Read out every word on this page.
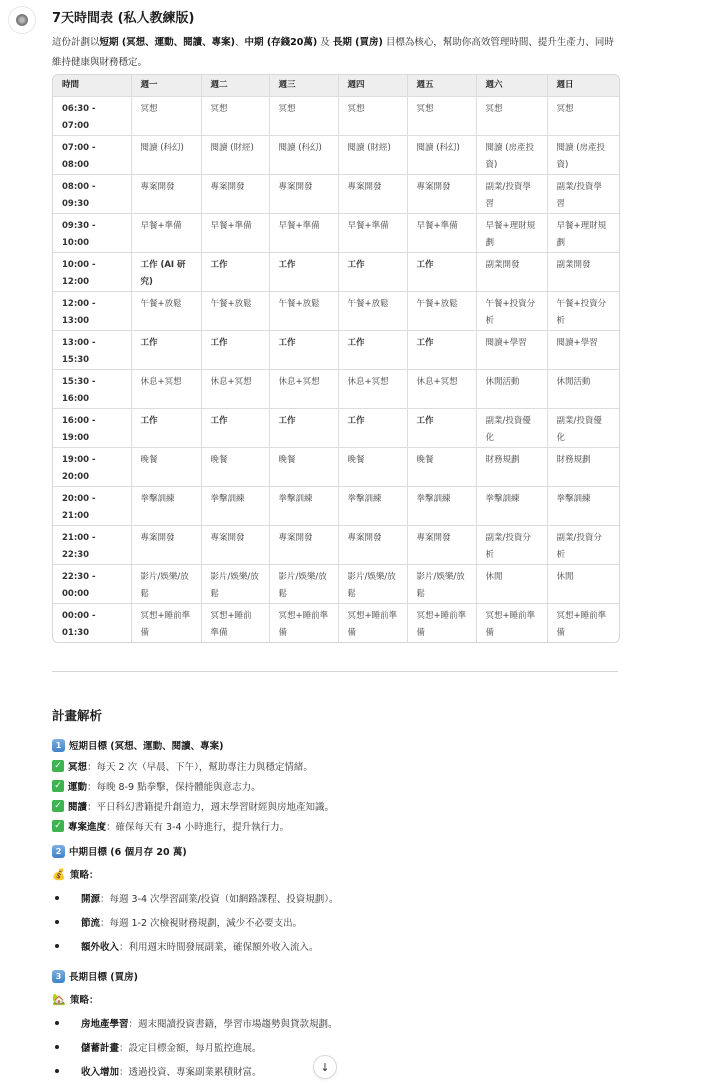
7天時間表 (私人教練版)
這份計劃以短期 (冥想、運動、閱讀、專案)、中期 (存錢20萬) 及 長期 (買房) 目標為核心，幫助你高效管理時間、提升生產力、同時維持健康與財務穩定。
時間	週一	週二	週三	週四	週五	週六	週日
06:30 - 07:00	冥想	冥想	冥想	冥想	冥想	冥想	冥想
07:00 - 08:00	閱讀 (科幻)	閱讀 (財經)	閱讀 (科幻)	閱讀 (財經)	閱讀 (科幻)	閱讀 (房產投資)	閱讀 (房產投資)
08:00 - 09:30	專案開發	專案開發	專案開發	專案開發	專案開發	副業/投資學習	副業/投資學習
09:30 - 10:00	早餐+準備	早餐+準備	早餐+準備	早餐+準備	早餐+準備	早餐+理財規劃	早餐+理財規劃
10:00 - 12:00	工作 (AI 研究)	工作	工作	工作	工作	副業開發	副業開發
12:00 - 13:00	午餐+放鬆	午餐+放鬆	午餐+放鬆	午餐+放鬆	午餐+放鬆	午餐+投資分析	午餐+投資分析
13:00 - 15:30	工作	工作	工作	工作	工作	閱讀+學習	閱讀+學習
15:30 - 16:00	休息+冥想	休息+冥想	休息+冥想	休息+冥想	休息+冥想	休閒活動	休閒活動
16:00 - 19:00	工作	工作	工作	工作	工作	副業/投資優化	副業/投資優化
19:00 - 20:00	晚餐	晚餐	晚餐	晚餐	晚餐	財務規劃	財務規劃
20:00 - 21:00	拳擊訓練	拳擊訓練	拳擊訓練	拳擊訓練	拳擊訓練	拳擊訓練	拳擊訓練
21:00 - 22:30	專案開發	專案開發	專案開發	專案開發	專案開發	副業/投資分析	副業/投資分析
22:30 - 00:00	影片/娛樂/放鬆	影片/娛樂/放鬆	影片/娛樂/放鬆	影片/娛樂/放鬆	影片/娛樂/放鬆	休閒	休閒
00:00 - 01:30	冥想+睡前準備	冥想+睡前準備	冥想+睡前準備	冥想+睡前準備	冥想+睡前準備	冥想+睡前準備	冥想+睡前準備
計畫解析
1 短期目標 (冥想、運動、閱讀、專案)
✓ 冥想 ：每天 2 次（早晨、下午），幫助專注力與穩定情緒。
✓ 運動 ：每晚 8-9 點拳擊，保持體能與意志力。
✓ 閱讀 ：平日科幻書籍提升創造力，週末學習財經與房地產知識。
✓ 專案進度 ：確保每天有 3-4 小時進行，提升執行力。
2 中期目標 (6 個月存 20 萬)
💰 策略：
開源 ：每週 3-4 次學習副業/投資（如網路課程、投資規劃）。
節流 ：每週 1-2 次檢視財務規劃，減少不必要支出。
額外收入 ：利用週末時間發展副業，確保額外收入流入。
3 長期目標 (買房)
🏡 策略：
房地產學習 ：週末閱讀投資書籍，學習市場趨勢與貸款規劃。
儲蓄計畫 ：設定目標金額，每月監控進展。
收入增加 ：透過投資、專案副業累積財富。	↓
